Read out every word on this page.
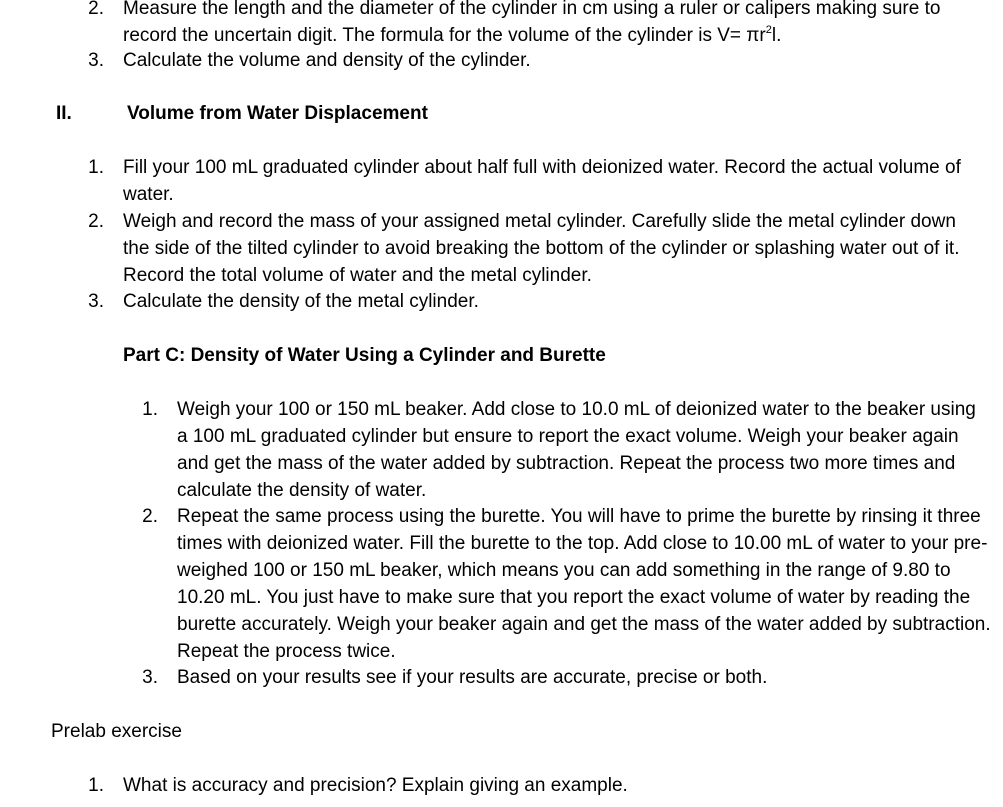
2. Measure the length and the diameter of the cylinder in cm using a ruler or calipers making sure to record the uncertain digit. The formula for the volume of the cylinder is $V= \pi r^2l$.
3. Calculate the volume and density of the cylinder.
II.	Volume from Water Displacement
1. Fill your 100 mL graduated cylinder about half full with deionized water. Record the actual volume of water.
2. Weigh and record the mass of your assigned metal cylinder. Carefully slide the metal cylinder down the side of the tilted cylinder to avoid breaking the bottom of the cylinder or splashing water out of it. Record the total volume of water and the metal cylinder.
3. Calculate the density of the metal cylinder.
Part C: Density of Water Using a Cylinder and Burette
1. Weigh your 100 or 150 mL beaker. Add close to 10.0 mL of deionized water to the beaker using a 100 mL graduated cylinder but ensure to report the exact volume. Weigh your beaker again and get the mass of the water added by subtraction. Repeat the process two more times and calculate the density of water.
2. Repeat the same process using the burette. You will have to prime the burette by rinsing it three times with deionized water. Fill the burette to the top. Add close to 10.00 mL of water to your pre-weighed 100 or 150 mL beaker, which means you can add something in the range of 9.80 to 10.20 mL. You just have to make sure that you report the exact volume of water by reading the burette accurately. Weigh your beaker again and get the mass of the water added by subtraction. Repeat the process twice.
3. Based on your results see if your results are accurate, precise or both.
Prelab exercise
1. What is accuracy and precision? Explain giving an example.
